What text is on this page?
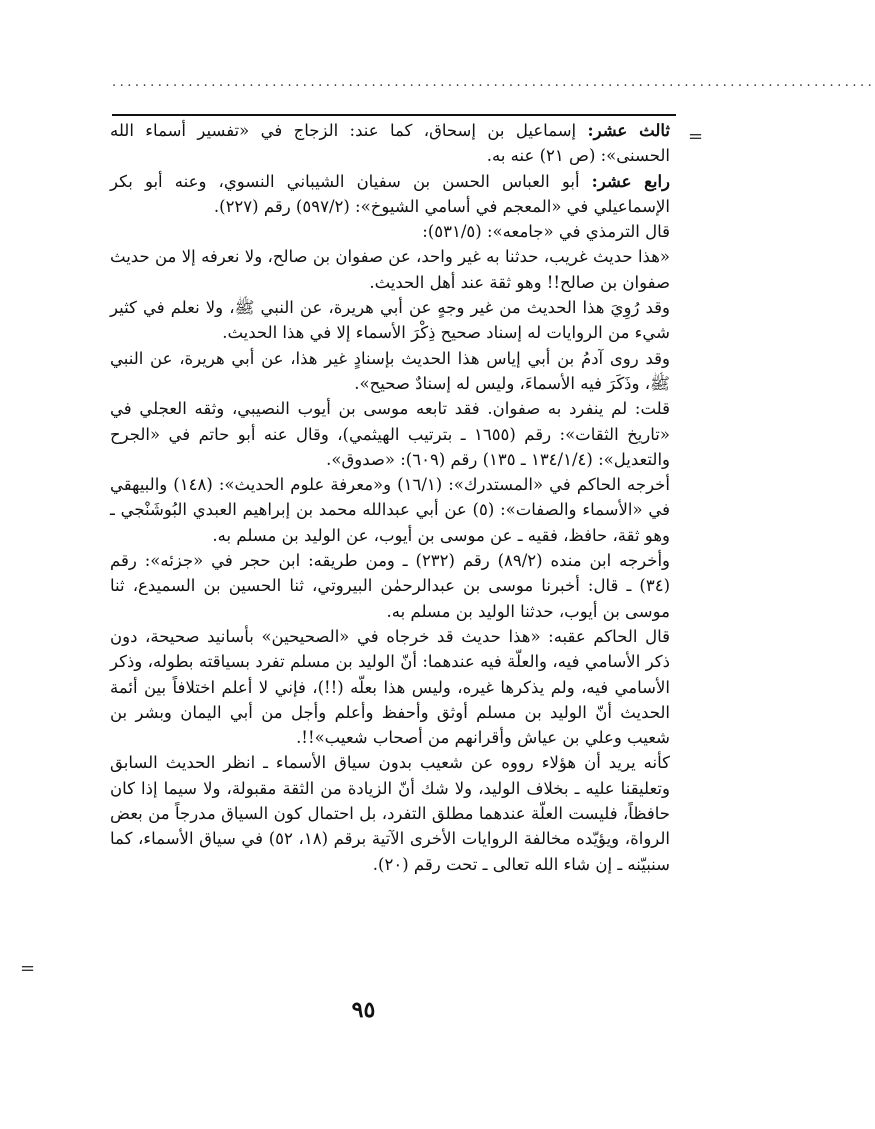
....................................................................................................
=
=

ثالث عشر: إسماعيل بن إسحاق، كما عند: الزجاج في «تفسير أسماء الله الحسنى»: (ص ٢١) عنه به.

رابع عشر: أبو العباس الحسن بن سفيان الشيباني النسوي، وعنه أبو بكر الإسماعيلي في «المعجم في أسامي الشيوخ»: (٥٩٧/٢) رقم (٢٢٧).

قال الترمذي في «جامعه»: (٥٣١/٥):

«هذا حديث غريب، حدثنا به غير واحد، عن صفوان بن صالح، ولا نعرفه إلا من حديث صفوان بن صالح!! وهو ثقة عند أهل الحديث.

وقد رُوِيَ هذا الحديث من غير وجهٍ عن أبي هريرة، عن النبي ﷺ، ولا نعلم في كثير شيء من الروايات له إسناد صحيح ذِكْرَ الأسماء إلا في هذا الحديث.

وقد روى آدمُ بن أبي إياس هذا الحديث بإسنادٍ غير هذا، عن أبي هريرة، عن النبي ﷺ، وذَكَرَ فيه الأسماءَ، وليس له إسنادٌ صحيح».

قلت: لم ينفرد به صفوان. فقد تابعه موسى بن أيوب النصيبي، وثقه العجلي في «تاريخ الثقات»: رقم (١٦٥٥ ـ بترتيب الهيثمي)، وقال عنه أبو حاتم في «الجرح والتعديل»: (١٣٤/١/٤ ـ ١٣٥) رقم (٦٠٩): «صدوق».

أخرجه الحاكم في «المستدرك»: (١٦/١) و«معرفة علوم الحديث»: (١٤٨) والبيهقي في «الأسماء والصفات»: (٥) عن أبي عبدالله محمد بن إبراهيم العبدي البُوشَنْجي ـ وهو ثقة، حافظ، فقيه ـ عن موسى بن أيوب، عن الوليد بن مسلم به.

وأخرجه ابن منده (٨٩/٢) رقم (٢٣٢) ـ ومن طريقه: ابن حجر في «جزئه»: رقم (٣٤) ـ قال: أخبرنا موسى بن عبدالرحمٰن البيروتي، ثنا الحسين بن السميدع، ثنا موسى بن أيوب، حدثنا الوليد بن مسلم به.

قال الحاكم عقبه: «هذا حديث قد خرجاه في «الصحيحين» بأسانيد صحيحة، دون ذكر الأسامي فيه، والعلّة فيه عندهما: أنّ الوليد بن مسلم تفرد بسياقته بطوله، وذكر الأسامي فيه، ولم يذكرها غيره، وليس هذا بعلّه (!!)، فإني لا أعلم اختلافاً بين أئمة الحديث أنّ الوليد بن مسلم أوثق وأحفظ وأعلم وأجل من أبي اليمان وبشر بن شعيب وعلي بن عياش وأقرانهم من أصحاب شعيب»!!.

كأنه يريد أن هؤلاء رووه عن شعيب بدون سياق الأسماء ـ انظر الحديث السابق وتعليقنا عليه ـ بخلاف الوليد، ولا شك أنّ الزيادة من الثقة مقبولة، ولا سيما إذا كان حافظاً، فليست العلّة عندهما مطلق التفرد، بل احتمال كون السياق مدرجاً من بعض الرواة، ويؤيّده مخالفة الروايات الأخرى الآتية برقم (١٨، ٥٢) في سياق الأسماء، كما سنبيّنه ـ إن شاء الله تعالى ـ تحت رقم (٢٠).

٩٥
